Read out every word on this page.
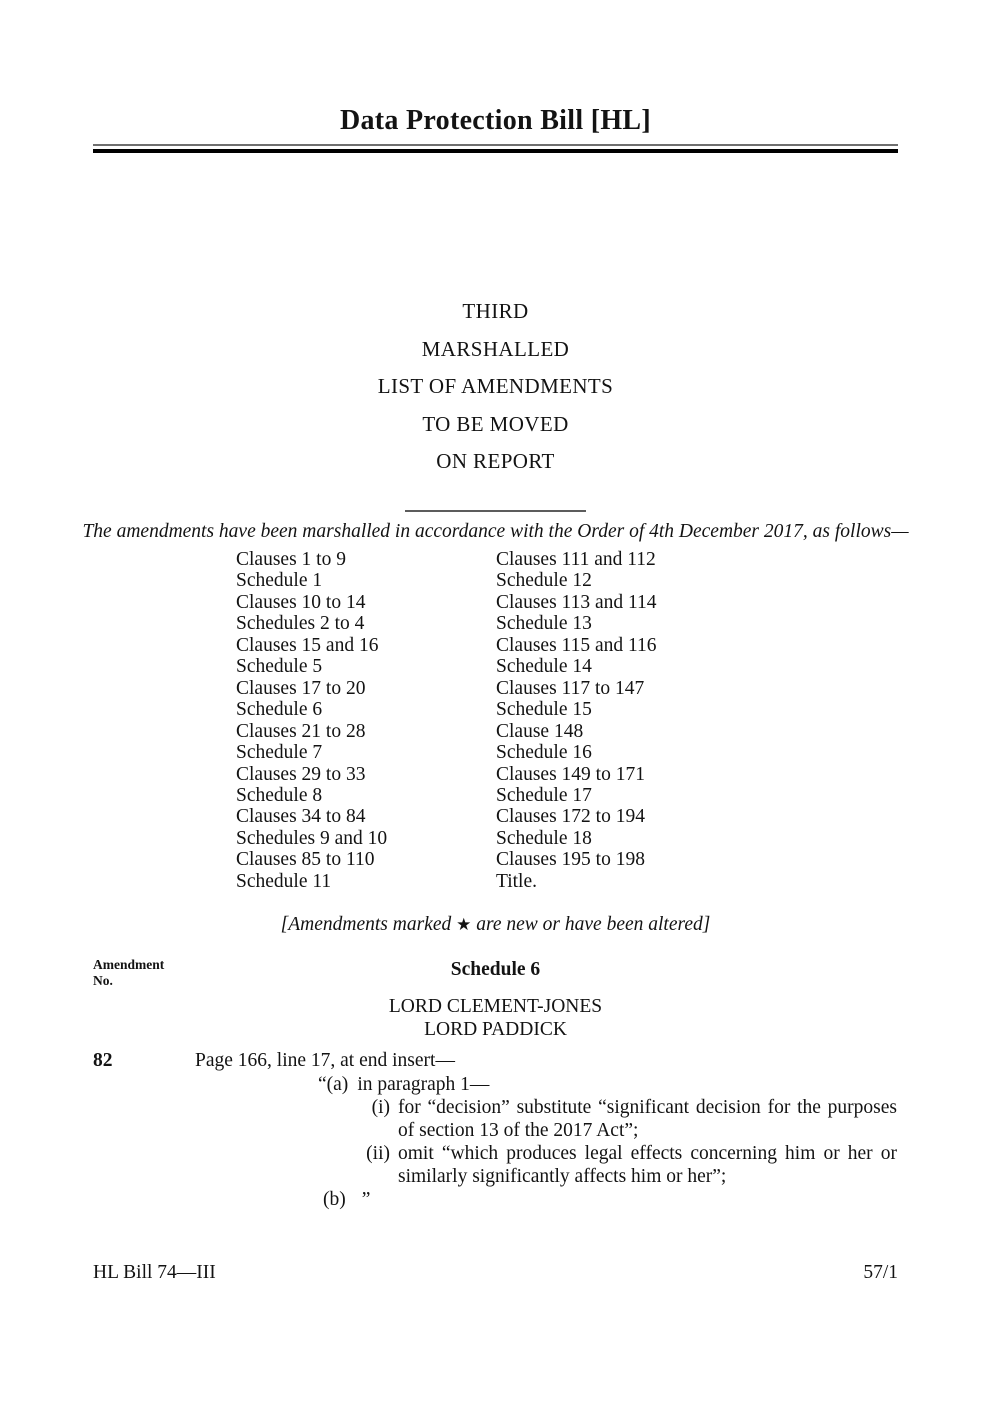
Data Protection Bill [HL]
THIRD
MARSHALLED
LIST OF AMENDMENTS
TO BE MOVED
ON REPORT

The amendments have been marshalled in accordance with the Order of 4th December 2017, as follows—

Clauses 1 to 9
Schedule 1
Clauses 10 to 14
Schedules 2 to 4
Clauses 15 and 16
Schedule 5
Clauses 17 to 20
Schedule 6
Clauses 21 to 28
Schedule 7
Clauses 29 to 33
Schedule 8
Clauses 34 to 84
Schedules 9 and 10
Clauses 85 to 110
Schedule 11
Clauses 111 and 112
Schedule 12
Clauses 113 and 114
Schedule 13
Clauses 115 and 116
Schedule 14
Clauses 117 to 147
Schedule 15
Clause 148
Schedule 16
Clauses 149 to 171
Schedule 17
Clauses 172 to 194
Schedule 18
Clauses 195 to 198
Title.

[Amendments marked ★ are new or have been altered]

Amendment
No.
Schedule 6
LORD CLEMENT-JONES
LORD PADDICK
82	Page 166, line 17, at end insert—
“(a) in paragraph 1—
(i) for “decision” substitute “significant decision for the purposes of section 13 of the 2017 Act”;
(ii) omit “which produces legal effects concerning him or her or similarly significantly affects him or her”;
(b) ”
HL Bill 74—III	57/1
